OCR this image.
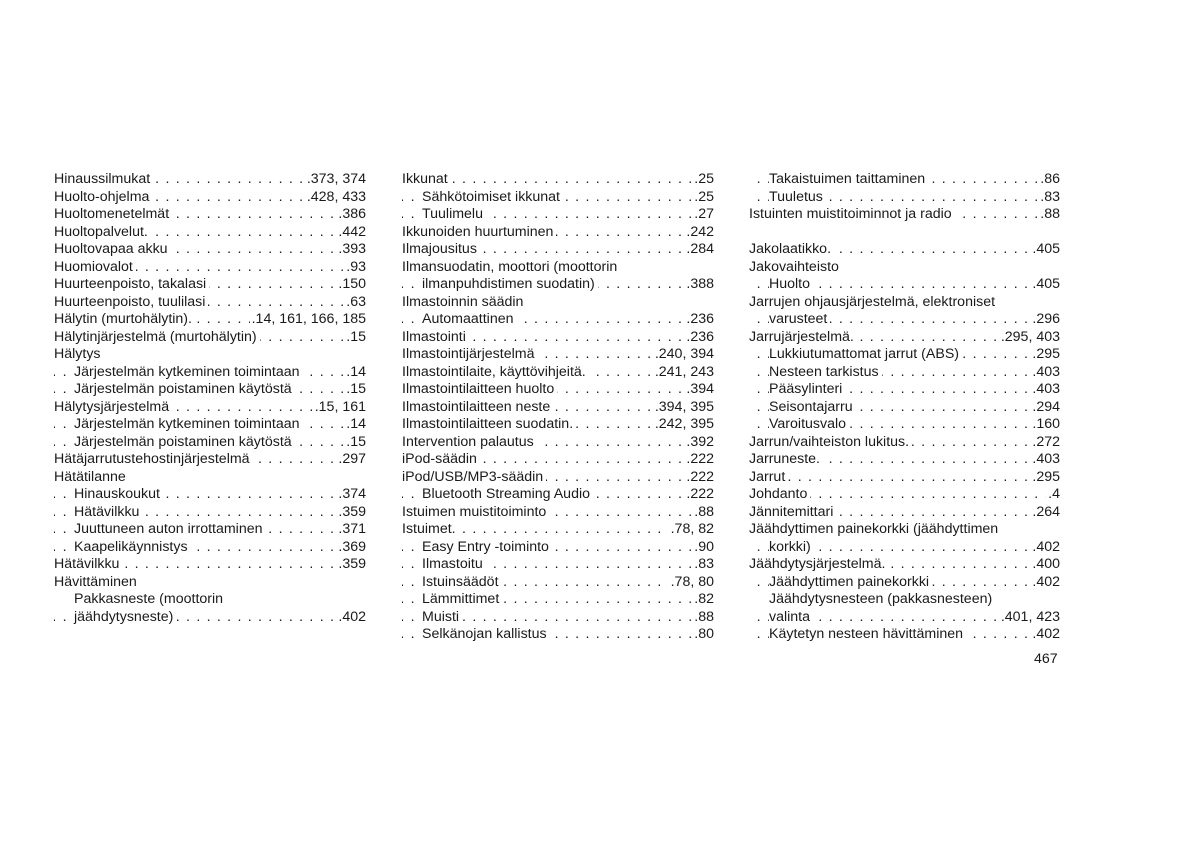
Hinaussilmukat	.373, 374
. . .
Huolto-ohjelma	.428, 433
. . .
Huoltomenetelmät	.386
. . .
Huoltopalvelut.	.442
. . .
Huoltovapaa akku	.393
. . .
Huomiovalot	.93
. . .
Huurteenpoisto, takalasi	.150
. . .
Huurteenpoisto, tuulilasi	.63
. . .
Hälytin (murtohälytin).	.14, 161, 166, 185
. . .
Hälytinjärjestelmä (murtohälytin)	.15
. . .
Hälytys
Järjestelmän kytkeminen toimintaan	.14
. . .
Järjestelmän poistaminen käytöstä	.15
. . .
Hälytysjärjestelmä	.15, 161
. . .
Järjestelmän kytkeminen toimintaan	.14
. . .
Järjestelmän poistaminen käytöstä	.15
. . .
Hätäjarrutustehostinjärjestelmä	.297
. . .
Hätätilanne
Hinauskoukut	.374
. . .
Hätävilkku	.359
. . .
Juuttuneen auton irrottaminen	.371
. . .
Kaapelikäynnistys	.369
. . .
Hätävilkku	.359
. . .
Hävittäminen
Pakkasneste (moottorin
jäähdytysneste)	.402
. . .
Ikkunat	.25
. . .
Sähkötoimiset ikkunat	.25
. . .
Tuulimelu	.27
. . .
Ikkunoiden huurtuminen	.242
. . .
Ilmajousitus	.284
. . .
Ilmansuodatin, moottori (moottorin
ilmanpuhdistimen suodatin)	.388
. . .
Ilmastoinnin säädin
Automaattinen	.236
. . .
Ilmastointi	.236
. . .
Ilmastointijärjestelmä	.240, 394
. . .
Ilmastointilaite, käyttövihjeitä.	.241, 243
. . .
Ilmastointilaitteen huolto	.394
. . .
Ilmastointilaitteen neste	.394, 395
. . .
Ilmastointilaitteen suodatin.	.242, 395
. . .
Intervention palautus	.392
. . .
iPod-säädin	.222
. . .
iPod/USB/MP3-säädin	.222
. . .
Bluetooth Streaming Audio	.222
. . .
Istuimen muistitoiminto	.88
. . .
Istuimet.	.78, 82
. . .
Easy Entry -toiminto	.90
. . .
Ilmastoitu	.83
. . .
Istuinsäädöt	.78, 80
. . .
Lämmittimet	.82
. . .
Muisti	.88
. . .
Selkänojan kallistus	.80
. . .
Takaistuimen taittaminen	.86
. . .
Tuuletus	.83
. . .
Istuinten muistitoiminnot ja radio	.88
. . .
Jakolaatikko.	.405
. . .
Jakovaihteisto
Huolto	.405
. . .
Jarrujen ohjausjärjestelmä, elektroniset
varusteet	.296
. . .
Jarrujärjestelmä.	.295, 403
. . .
Lukkiutumattomat jarrut (ABS)	.295
. . .
Nesteen tarkistus	.403
. . .
Pääsylinteri	.403
. . .
Seisontajarru	.294
. . .
Varoitusvalo	.160
. . .
Jarrun/vaihteiston lukitus.	.272
. . .
Jarruneste.	.403
. . .
Jarrut	.295
. . .
Johdanto	.4
. . .
Jännitemittari	.264
. . .
Jäähdyttimen painekorkki (jäähdyttimen
korkki)	.402
. . .
Jäähdytysjärjestelmä.	.400
. . .
Jäähdyttimen painekorkki	.402
. . .
Jäähdytysnesteen (pakkasnesteen)
valinta	.401, 423
. . .
Käytetyn nesteen hävittäminen	.402
. . .
467
